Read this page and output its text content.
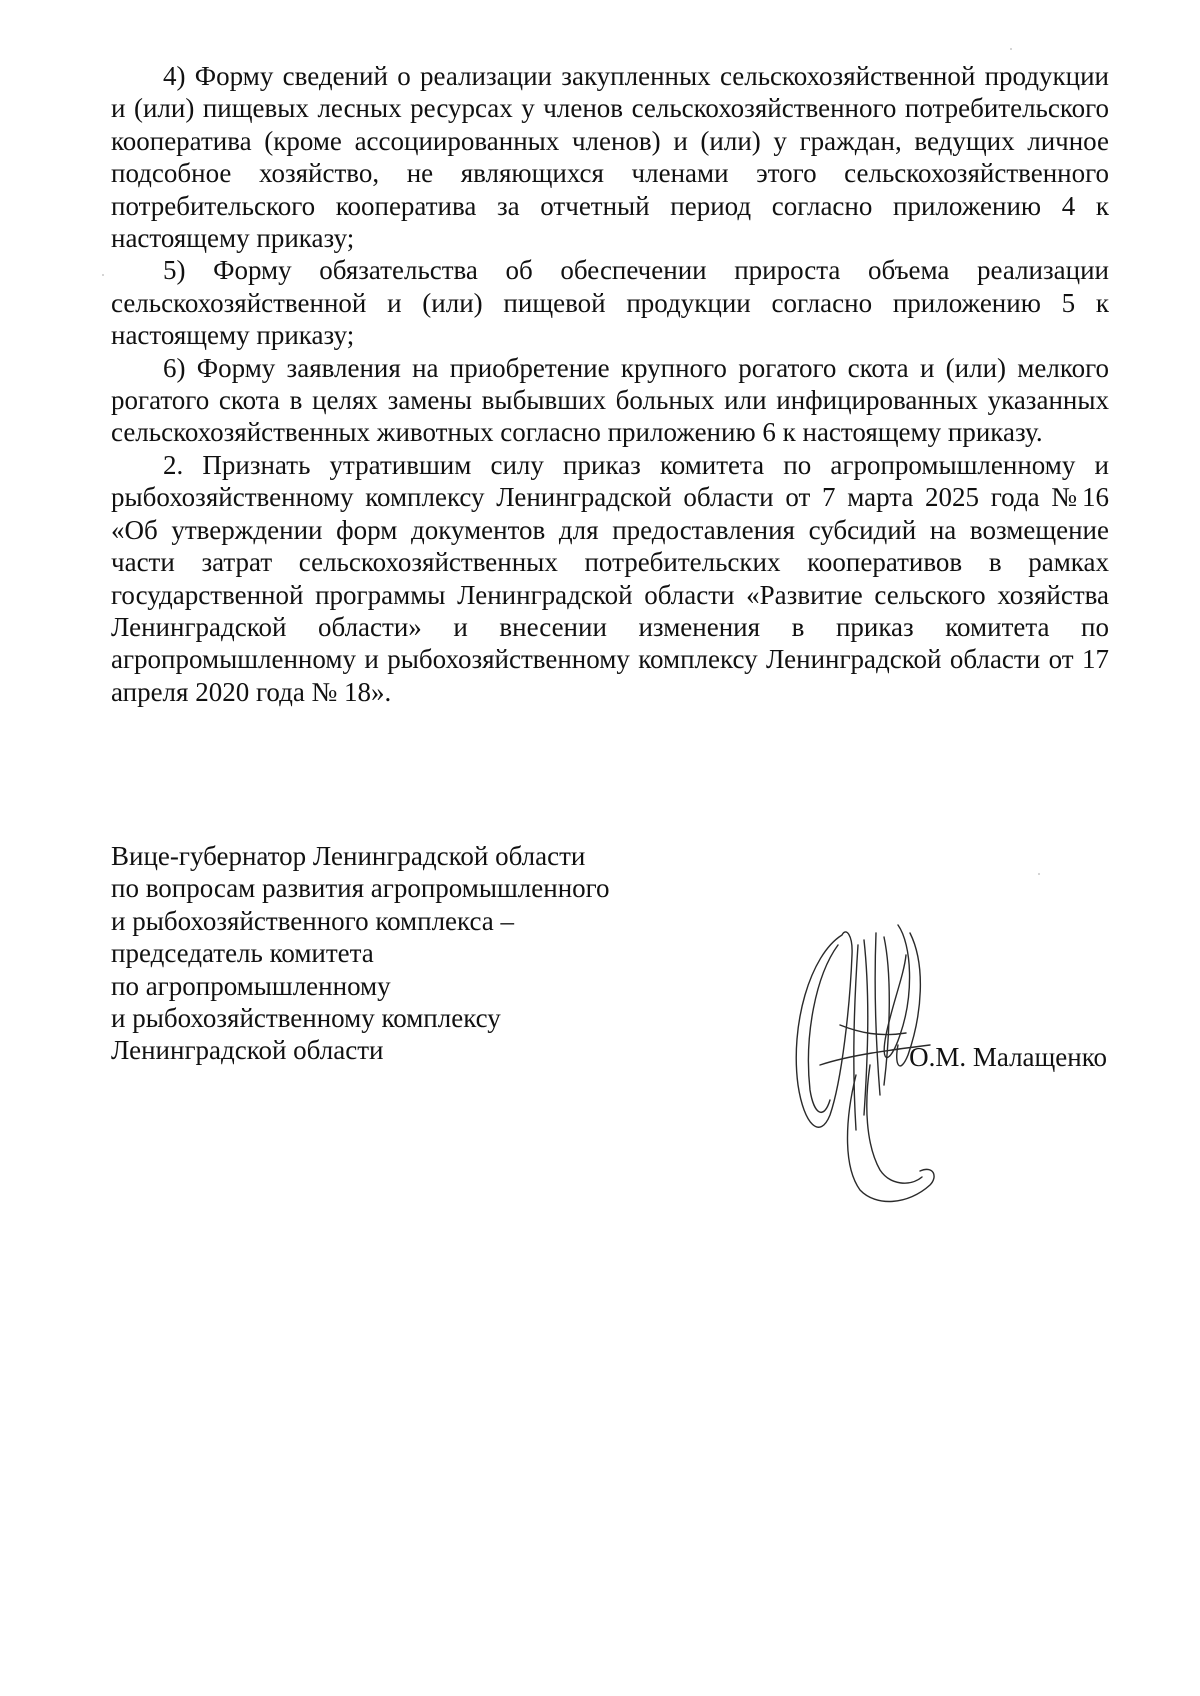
4) Форму сведений о реализации закупленных сельскохозяйственной продукции и (или) пищевых лесных ресурсах у членов сельскохозяйственного потребительского кооператива (кроме ассоциированных членов) и (или) у граждан, ведущих личное подсобное хозяйство, не являющихся членами этого сельскохозяйственного потребительского кооператива за отчетный период согласно приложению 4 к настоящему приказу;

5) Форму обязательства об обеспечении прироста объема реализации сельскохозяйственной и (или) пищевой продукции согласно приложению 5 к настоящему приказу;

6) Форму заявления на приобретение крупного рогатого скота и (или) мелкого рогатого скота в целях замены выбывших больных или инфицированных указанных сельскохозяйственных животных согласно приложению 6 к настоящему приказу.

2. Признать утратившим силу приказ комитета по агропромышленному и рыбохозяйственному комплексу Ленинградской области от 7 марта 2025 года №16 «Об утверждении форм документов для предоставления субсидий на возмещение части затрат сельскохозяйственных потребительских кооперативов в рамках государственной программы Ленинградской области «Развитие сельского хозяйства Ленинградской области» и внесении изменения в приказ комитета по агропромышленному и рыбохозяйственному комплексу Ленинградской области от 17 апреля 2020 года № 18».

Вице-губернатор Ленинградской области
по вопросам развития агропромышленного
и рыбохозяйственного комплекса –
председатель комитета
по агропромышленному
и рыбохозяйственному комплексу
Ленинградской области	О.М. Малащенко
